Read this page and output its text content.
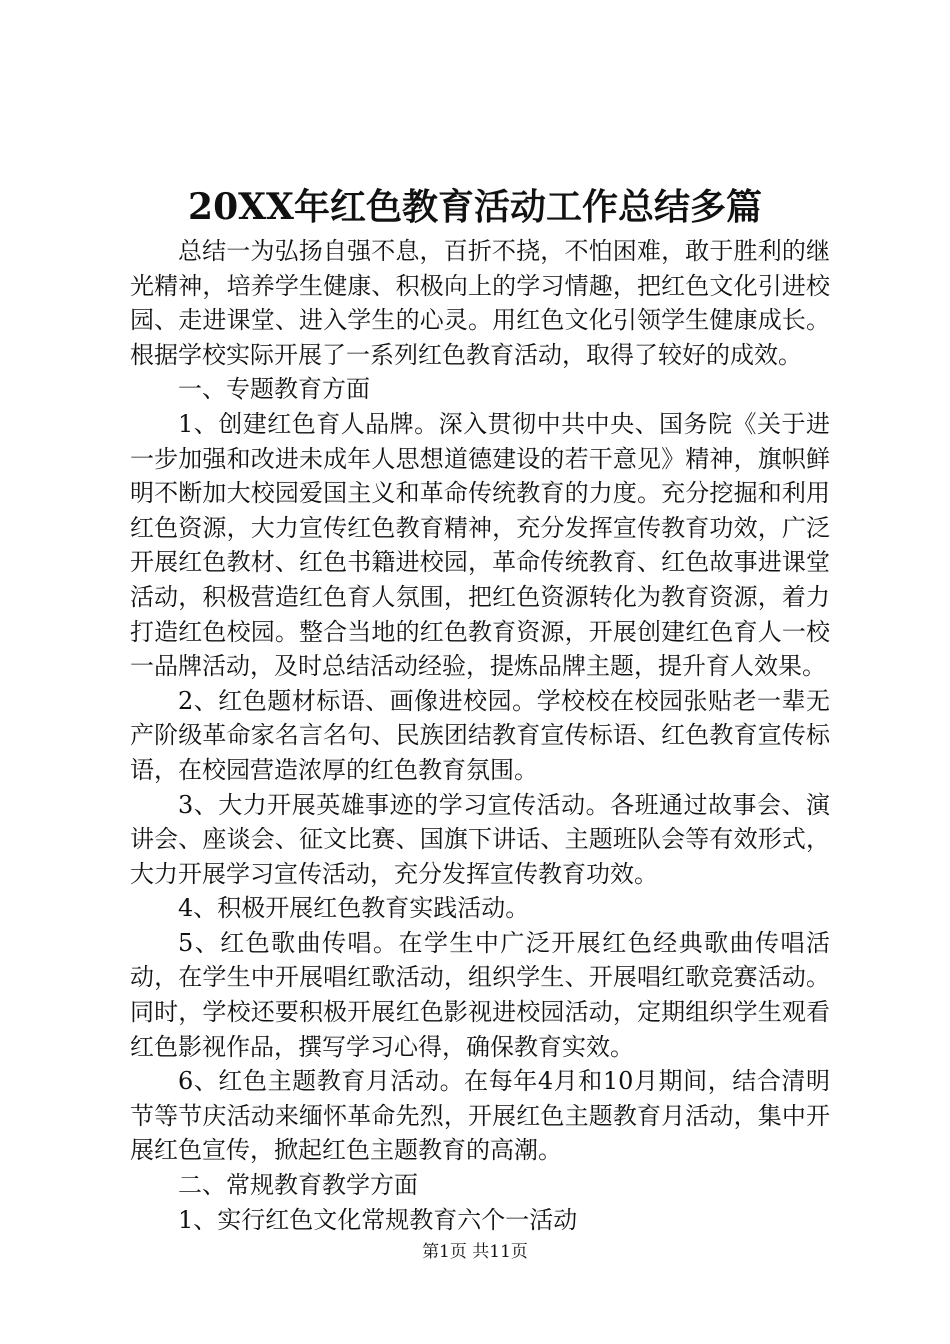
20XX年红色教育活动工作总结多篇

总结一为弘扬自强不息，百折不挠，不怕困难，敢于胜利的继光精神，培养学生健康、积极向上的学习情趣，把红色文化引进校园、走进课堂、进入学生的心灵。用红色文化引领学生健康成长。根据学校实际开展了一系列红色教育活动，取得了较好的成效。

一、专题教育方面

1、创建红色育人品牌。深入贯彻中共中央、国务院《关于进一步加强和改进未成年人思想道德建设的若干意见》精神，旗帜鲜明不断加大校园爱国主义和革命传统教育的力度。充分挖掘和利用红色资源，大力宣传红色教育精神，充分发挥宣传教育功效，广泛开展红色教材、红色书籍进校园，革命传统教育、红色故事进课堂活动，积极营造红色育人氛围，把红色资源转化为教育资源，着力打造红色校园。整合当地的红色教育资源，开展创建红色育人一校一品牌活动，及时总结活动经验，提炼品牌主题，提升育人效果。

2、红色题材标语、画像进校园。学校校在校园张贴老一辈无产阶级革命家名言名句、民族团结教育宣传标语、红色教育宣传标语，在校园营造浓厚的红色教育氛围。

3、大力开展英雄事迹的学习宣传活动。各班通过故事会、演讲会、座谈会、征文比赛、国旗下讲话、主题班队会等有效形式，大力开展学习宣传活动，充分发挥宣传教育功效。

4、积极开展红色教育实践活动。

5、红色歌曲传唱。在学生中广泛开展红色经典歌曲传唱活动，在学生中开展唱红歌活动，组织学生、开展唱红歌竞赛活动。同时，学校还要积极开展红色影视进校园活动，定期组织学生观看红色影视作品，撰写学习心得，确保教育实效。

6、红色主题教育月活动。在每年4月和10月期间，结合清明节等节庆活动来缅怀革命先烈，开展红色主题教育月活动，集中开展红色宣传，掀起红色主题教育的高潮。

二、常规教育教学方面

1、实行红色文化常规教育六个一活动

第1页 共11页
